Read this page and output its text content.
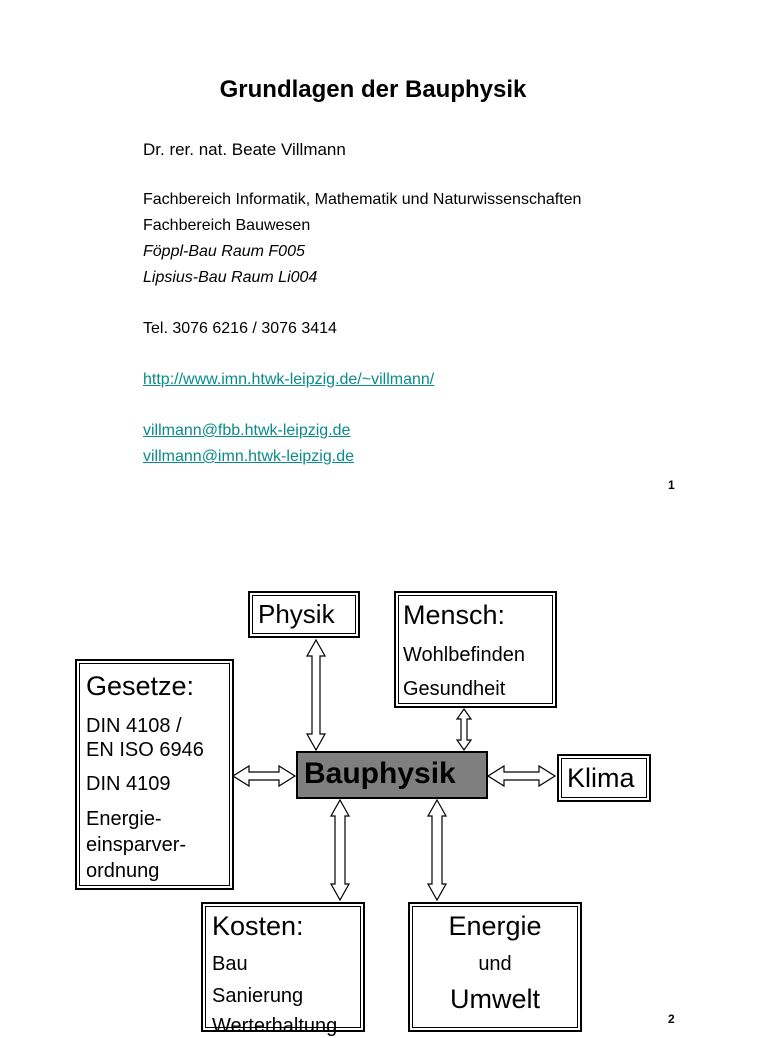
Grundlagen der Bauphysik
Dr. rer. nat. Beate Villmann
Fachbereich Informatik, Mathematik und Naturwissenschaften
Fachbereich Bauwesen
Föppl-Bau Raum F005
Lipsius-Bau Raum Li004
Tel. 3076 6216 / 3076 3414
http://www.imn.htwk-leipzig.de/~villmann/
villmann@fbb.htwk-leipzig.de
villmann@imn.htwk-leipzig.de
1
Physik	Mensch:
Wohlbefinden
Gesundheit
Gesetze:
DIN 4108 /
EN ISO 6946
DIN 4109
Energie-
einsparver-
ordnung
Bauphysik	Klima
Kosten:
Bau
Sanierung
Werterhaltung
Energie
und
Umwelt
2
